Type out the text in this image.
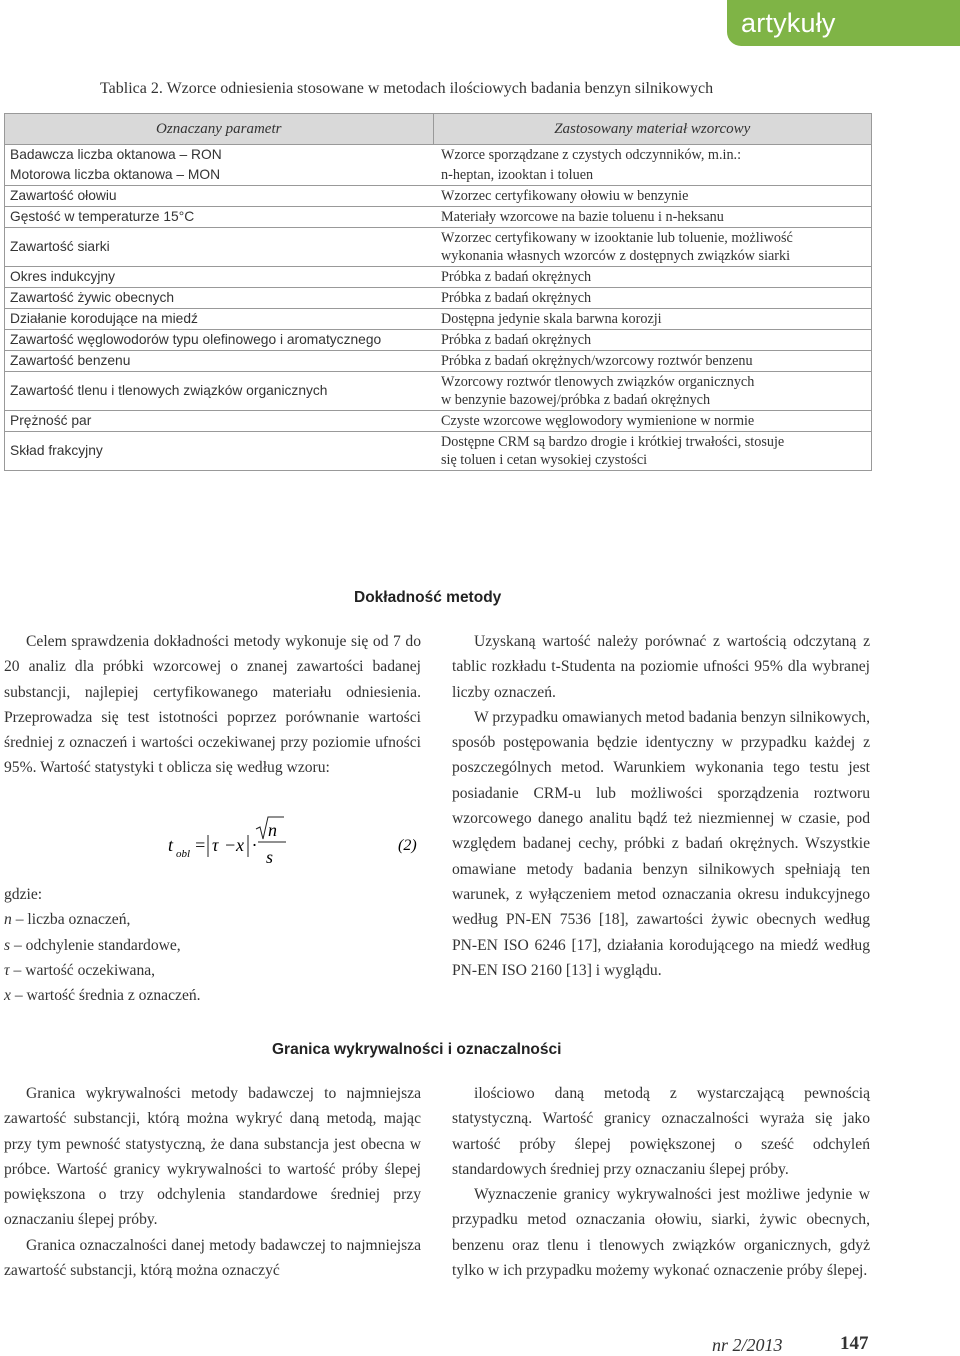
artykuły
Tablica 2. Wzorce odniesienia stosowane w metodach ilościowych badania benzyn silnikowych
Oznaczany parametr	Zastosowany materiał wzorcowy
Badawcza liczba oktanowa – RON	Wzorce sporządzane z czystych odczynników, m.in.:
Motorowa liczba oktanowa – MON	n-heptan, izooktan i toluen
Zawartość ołowiu	Wzorzec certyfikowany ołowiu w benzynie

Gęstość w temperaturze 15°C	Materiały wzorcowe na bazie toluenu i n-heksanu

Zawartość siarki	Wzorzec certyfikowany w izooktanie lub toluenie, możliwość
wykonania własnych wzorców z dostępnych związków siarki

Okres indukcyjny	Próbka z badań okrężnych

Zawartość żywic obecnych	Próbka z badań okrężnych

Działanie korodujące na miedź	Dostępna jedynie skala barwna korozji

Zawartość węglowodorów typu olefinowego i aromatycznego	Próbka z badań okrężnych

Zawartość benzenu	Próbka z badań okrężnych/wzorcowy roztwór benzenu

Zawartość tlenu i tlenowych związków organicznych	Wzorcowy roztwór tlenowych związków organicznych
w benzynie bazowej/próbka z badań okrężnych

Prężność par	Czyste wzorcowe węglowodory wymienione w normie

Skład frakcyjny	Dostępne CRM są bardzo drogie i krótkiej trwałości, stosuje
się toluen i cetan wysokiej czystości
Dokładność metody

Celem sprawdzenia dokładności metody wykonuje się od 7 do 20 analiz dla próbki wzorcowej o znanej zawartości badanej substancji, najlepiej certyfikowanego materiału odniesienia. Przeprowadza się test istotności poprzez porównanie wartości średniej z oznaczeń i wartości oczekiwanej przy poziomie ufności 95%. Wartość statystyki t oblicza się według wzoru:

t obl = τ − x ·
n
s
(2)
gdzie:
n – liczba oznaczeń,
s – odchylenie standardowe,
τ – wartość oczekiwana,
x – wartość średnia z oznaczeń.

Uzyskaną wartość należy porównać z wartością odczytaną z tablic rozkładu t-Studenta na poziomie ufności 95% dla wybranej liczby oznaczeń.

W przypadku omawianych metod badania benzyn silnikowych, sposób postępowania będzie identyczny w przypadku każdej z poszczególnych metod. Warunkiem wykonania tego testu jest posiadanie CRM-u lub możliwości sporządzenia roztworu wzorcowego danego analitu bądź też niezmiennej w czasie, pod względem badanej cechy, próbki z badań okrężnych. Wszystkie omawiane metody badania benzyn silnikowych spełniają ten warunek, z wyłączeniem metod oznaczania okresu indukcyjnego według PN-EN 7536 [18], zawartości żywic obecnych według PN-EN ISO 6246 [17], działania korodującego na miedź według PN-EN ISO 2160 [13] i wyglądu.

Granica wykrywalności i oznaczalności

Granica wykrywalności metody badawczej to najmniejsza zawartość substancji, którą można wykryć daną metodą, mając przy tym pewność statystyczną, że dana substancja jest obecna w próbce. Wartość granicy wykrywalności to wartość próby ślepej powiększona o trzy odchylenia standardowe średniej przy oznaczaniu ślepej próby.

Granica oznaczalności danej metody badawczej to najmniejsza zawartość substancji, którą można oznaczyć

ilościowo daną metodą z wystarczającą pewnością statystyczną. Wartość granicy oznaczalności wyraża się jako wartość próby ślepej powiększonej o sześć odchyleń standardowych średniej przy oznaczaniu ślepej próby.

Wyznaczenie granicy wykrywalności jest możliwe jedynie w przypadku metod oznaczania ołowiu, siarki, żywic obecnych, benzenu oraz tlenu i tlenowych związków organicznych, gdyż tylko w ich przypadku możemy wykonać oznaczenie próby ślepej.

nr 2/2013	147
